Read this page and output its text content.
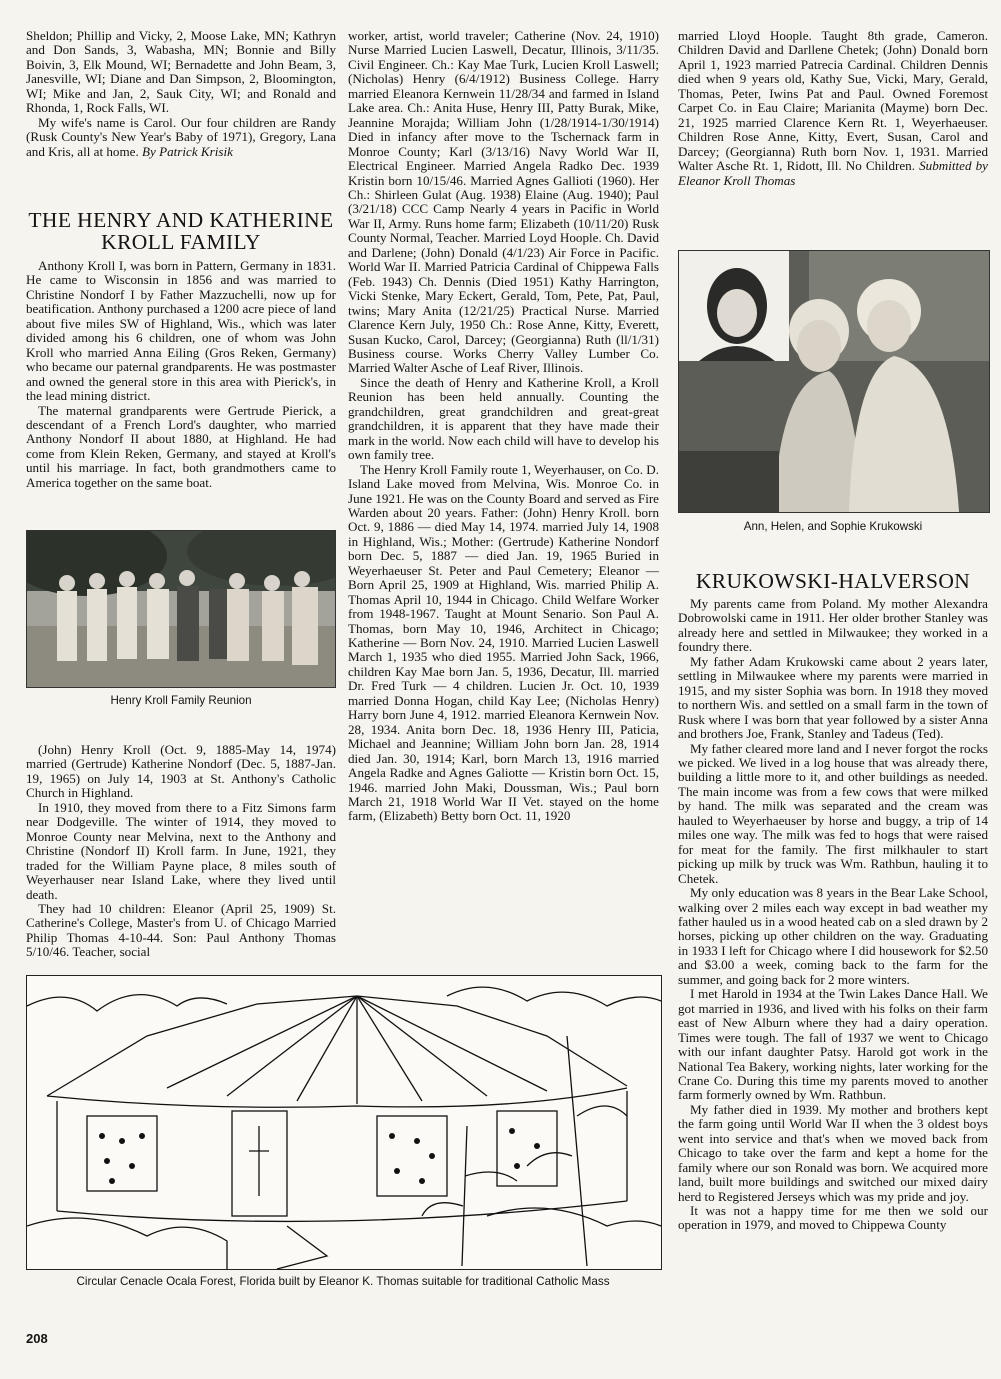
Sheldon; Phillip and Vicky, 2, Moose Lake, MN; Kathryn and Don Sands, 3, Wabasha, MN; Bonnie and Billy Boivin, 3, Elk Mound, WI; Bernadette and John Beam, 3, Janesville, WI; Diane and Dan Simpson, 2, Bloomington, WI; Mike and Jan, 2, Sauk City, WI; and Ronald and Rhonda, 1, Rock Falls, WI.

My wife's name is Carol. Our four children are Randy (Rusk County's New Year's Baby of 1971), Gregory, Lana and Kris, all at home. By Patrick Krisik

THE HENRY AND KATHERINE KROLL FAMILY

Anthony Kroll I, was born in Pattern, Germany in 1831. He came to Wisconsin in 1856 and was married to Christine Nondorf I by Father Mazzuchelli, now up for beatification. Anthony purchased a 1200 acre piece of land about five miles SW of Highland, Wis., which was later divided among his 6 children, one of whom was John Kroll who married Anna Eiling (Gros Reken, Germany) who became our paternal grandparents. He was postmaster and owned the general store in this area with Pierick's, in the lead mining district.

The maternal grandparents were Gertrude Pierick, a descendant of a French Lord's daughter, who married Anthony Nondorf II about 1880, at Highland. He had come from Klein Reken, Germany, and stayed at Kroll's until his marriage. In fact, both grandmothers came to America together on the same boat.

Henry Kroll Family Reunion

(John) Henry Kroll (Oct. 9, 1885-May 14, 1974) married (Gertrude) Katherine Nondorf (Dec. 5, 1887-Jan. 19, 1965) on July 14, 1903 at St. Anthony's Catholic Church in Highland.

In 1910, they moved from there to a Fitz Simons farm near Dodgeville. The winter of 1914, they moved to Monroe County near Melvina, next to the Anthony and Christine (Nondorf II) Kroll farm. In June, 1921, they traded for the William Payne place, 8 miles south of Weyerhauser near Island Lake, where they lived until death.

They had 10 children: Eleanor (April 25, 1909) St. Catherine's College, Master's from U. of Chicago Married Philip Thomas 4-10-44. Son: Paul Anthony Thomas 5/10/46. Teacher, social

worker, artist, world traveler; Catherine (Nov. 24, 1910) Nurse Married Lucien Laswell, Decatur, Illinois, 3/11/35. Civil Engineer. Ch.: Kay Mae Turk, Lucien Kroll Laswell; (Nicholas) Henry (6/4/1912) Business College. Harry married Eleanora Kernwein 11/28/34 and farmed in Island Lake area. Ch.: Anita Huse, Henry III, Patty Burak, Mike, Jeannine Morajda; William John (1/28/1914-1/30/1914) Died in infancy after move to the Tschernack farm in Monroe County; Karl (3/13/16) Navy World War II, Electrical Engineer. Married Angela Radko Dec. 1939 Kristin born 10/15/46. Married Agnes Gallioti (1960). Her Ch.: Shirleen Gulat (Aug. 1938) Elaine (Aug. 1940); Paul (3/21/18) CCC Camp Nearly 4 years in Pacific in World War II, Army. Runs home farm; Elizabeth (10/11/20) Rusk County Normal, Teacher. Married Loyd Hoople. Ch. David and Darlene; (John) Donald (4/1/23) Air Force in Pacific. World War II. Married Patricia Cardinal of Chippewa Falls (Feb. 1943) Ch. Dennis (Died 1951) Kathy Harrington, Vicki Stenke, Mary Eckert, Gerald, Tom, Pete, Pat, Paul, twins; Mary Anita (12/21/25) Practical Nurse. Married Clarence Kern July, 1950 Ch.: Rose Anne, Kitty, Everett, Susan Kucko, Carol, Darcey; (Georgianna) Ruth (ll/1/31) Business course. Works Cherry Valley Lumber Co. Married Walter Asche of Leaf River, Illinois.

Since the death of Henry and Katherine Kroll, a Kroll Reunion has been held annually. Counting the grandchildren, great grandchildren and great-great grandchildren, it is apparent that they have made their mark in the world. Now each child will have to develop his own family tree.

The Henry Kroll Family route 1, Weyerhauser, on Co. D. Island Lake moved from Melvina, Wis. Monroe Co. in June 1921. He was on the County Board and served as Fire Warden about 20 years. Father: (John) Henry Kroll. born Oct. 9, 1886 — died May 14, 1974. married July 14, 1908 in Highland, Wis.; Mother: (Gertrude) Katherine Nondorf born Dec. 5, 1887 — died Jan. 19, 1965 Buried in Weyerhaeuser St. Peter and Paul Cemetery; Eleanor — Born April 25, 1909 at Highland, Wis. married Philip A. Thomas April 10, 1944 in Chicago. Child Welfare Worker from 1948-1967. Taught at Mount Senario. Son Paul A. Thomas, born May 10, 1946, Architect in Chicago; Katherine — Born Nov. 24, 1910. Married Lucien Laswell March 1, 1935 who died 1955. Married John Sack, 1966, children Kay Mae born Jan. 5, 1936, Decatur, Ill. married Dr. Fred Turk — 4 children. Lucien Jr. Oct. 10, 1939 married Donna Hogan, child Kay Lee; (Nicholas Henry) Harry born June 4, 1912. married Eleanora Kernwein Nov. 28, 1934. Anita born Dec. 18, 1936 Henry III, Paticia, Michael and Jeannine; William John born Jan. 28, 1914 died Jan. 30, 1914; Karl, born March 13, 1916 married Angela Radke and Agnes Galiotte — Kristin born Oct. 15, 1946. married John Maki, Doussman, Wis.; Paul born March 21, 1918 World War II Vet. stayed on the home farm, (Elizabeth) Betty born Oct. 11, 1920

married Lloyd Hoople. Taught 8th grade, Cameron. Children David and Darllene Chetek; (John) Donald born April 1, 1923 married Patrecia Cardinal. Children Dennis died when 9 years old, Kathy Sue, Vicki, Mary, Gerald, Thomas, Peter, Iwins Pat and Paul. Owned Foremost Carpet Co. in Eau Claire; Marianita (Mayme) born Dec. 21, 1925 married Clarence Kern Rt. 1, Weyerhaeuser. Children Rose Anne, Kitty, Evert, Susan, Carol and Darcey; (Georgianna) Ruth born Nov. 1, 1931. Married Walter Asche Rt. 1, Ridott, Ill. No Children. Submitted by Eleanor Kroll Thomas

Ann, Helen, and Sophie Krukowski
KRUKOWSKI-HALVERSON

My parents came from Poland. My mother Alexandra Dobrowolski came in 1911. Her older brother Stanley was already here and settled in Milwaukee; they worked in a foundry there.

My father Adam Krukowski came about 2 years later, settling in Milwaukee where my parents were married in 1915, and my sister Sophia was born. In 1918 they moved to northern Wis. and settled on a small farm in the town of Rusk where I was born that year followed by a sister Anna and brothers Joe, Frank, Stanley and Tadeus (Ted).

My father cleared more land and I never forgot the rocks we picked. We lived in a log house that was already there, building a little more to it, and other buildings as needed. The main income was from a few cows that were milked by hand. The milk was separated and the cream was hauled to Weyerhaeuser by horse and buggy, a trip of 14 miles one way. The milk was fed to hogs that were raised for meat for the family. The first milkhauler to start picking up milk by truck was Wm. Rathbun, hauling it to Chetek.

My only education was 8 years in the Bear Lake School, walking over 2 miles each way except in bad weather my father hauled us in a wood heated cab on a sled drawn by 2 horses, picking up other children on the way. Graduating in 1933 I left for Chicago where I did housework for $2.50 and $3.00 a week, coming back to the farm for the summer, and going back for 2 more winters.

I met Harold in 1934 at the Twin Lakes Dance Hall. We got married in 1936, and lived with his folks on their farm east of New Alburn where they had a dairy operation. Times were tough. The fall of 1937 we went to Chicago with our infant daughter Patsy. Harold got work in the National Tea Bakery, working nights, later working for the Crane Co. During this time my parents moved to another farm formerly owned by Wm. Rathbun.

My father died in 1939. My mother and brothers kept the farm going until World War II when the 3 oldest boys went into service and that's when we moved back from Chicago to take over the farm and kept a home for the family where our son Ronald was born. We acquired more land, built more buildings and switched our mixed dairy herd to Registered Jerseys which was my pride and joy.

It was not a happy time for me then we sold our operation in 1979, and moved to Chippewa County

Circular Cenacle Ocala Forest, Florida built by Eleanor K. Thomas suitable for traditional Catholic Mass
208
